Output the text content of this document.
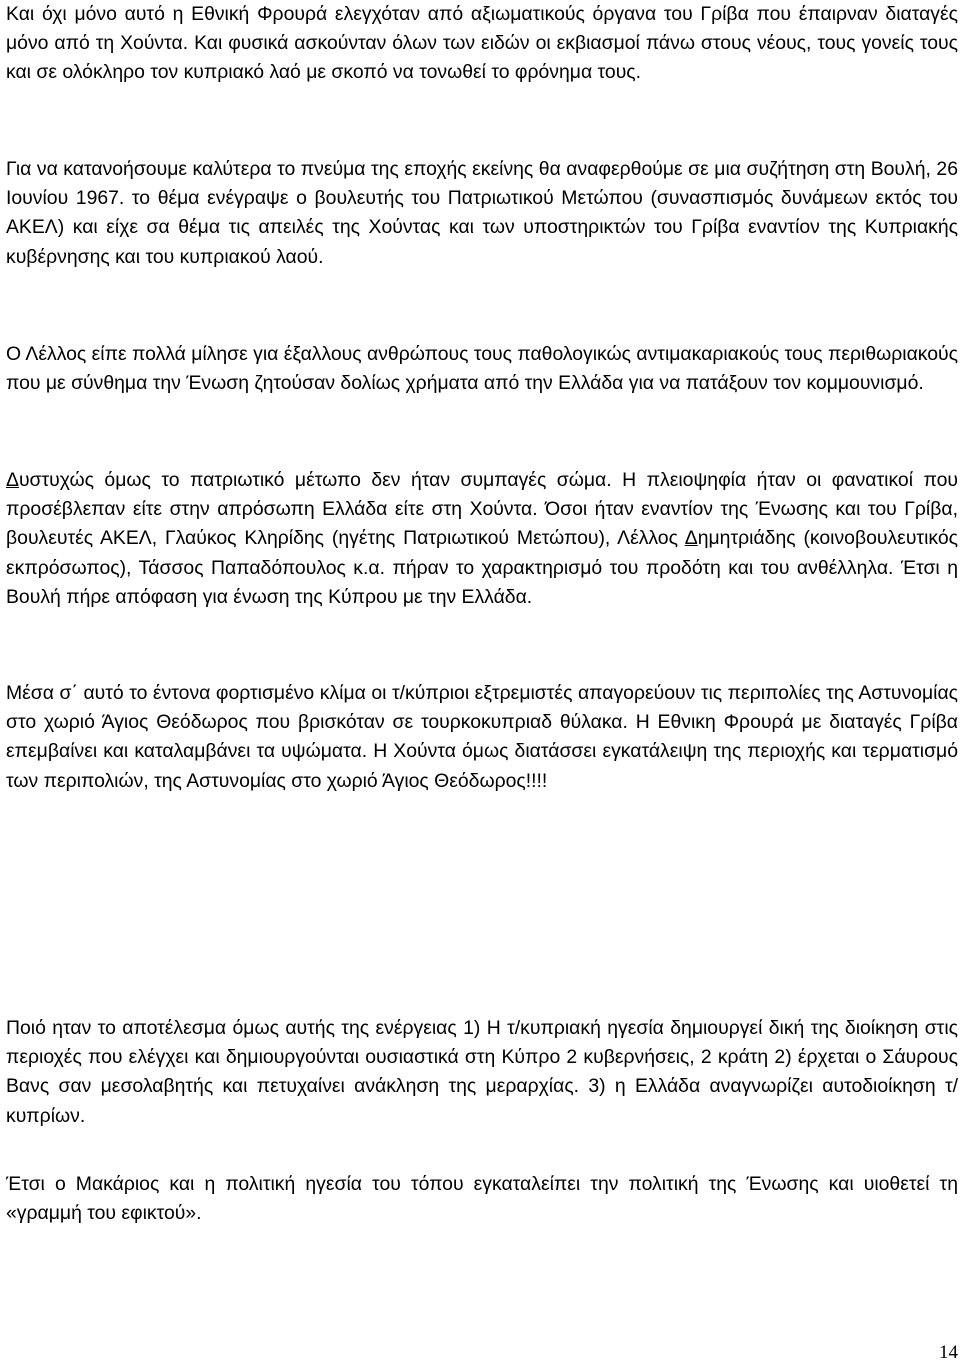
Και όχι μόνο αυτό η Εθνική Φρουρά ελεγχόταν από αξιωματικούς όργανα του Γρίβα που έπαιρναν διαταγές μόνο από τη Χούντα. Και φυσικά ασκούνταν όλων των ειδών οι εκβιασμοί πάνω στους νέους, τους γονείς τους και σε ολόκληρο τον κυπριακό λαό με σκοπό να τονωθεί το φρόνημα τους.

Για να κατανοήσουμε καλύτερα το πνεύμα της εποχής εκείνης θα αναφερθούμε σε μια συζήτηση στη Βουλή, 26 Ιουνίου 1967. το θέμα ενέγραψε ο βουλευτής του Πατριωτικού Μετώπου (συνασπισμός δυνάμεων εκτός του ΑΚΕΛ) και είχε σα θέμα τις απειλές της Χούντας και των υποστηρικτών του Γρίβα εναντίον της Κυπριακής κυβέρνησης και του κυπριακού λαού.

Ο Λέλλος είπε πολλά μίλησε για έξαλλους ανθρώπους τους παθολογικώς αντιμακαριακούς τους περιθωριακούς που με σύνθημα την Ένωση ζητούσαν δολίως χρήματα από την Ελλάδα για να πατάξουν τον κομμουνισμό.

Δυστυχώς όμως το πατριωτικό μέτωπο δεν ήταν συμπαγές σώμα. Η πλειοψηφία ήταν οι φανατικοί που προσέβλεπαν είτε στην απρόσωπη Ελλάδα είτε στη Χούντα. Όσοι ήταν εναντίον της Ένωσης και του Γρίβα, βουλευτές ΑΚΕΛ, Γλαύκος Κληρίδης (ηγέτης Πατριωτικού Μετώπου), Λέλλος Δημητριάδης (κοινοβουλευτικός εκπρόσωπος), Τάσσος Παπαδόπουλος κ.α. πήραν το χαρακτηρισμό του προδότη και του ανθέλληλα. Έτσι η Βουλή πήρε απόφαση για ένωση της Κύπρου με την Ελλάδα.

Μέσα σ΄ αυτό το έντονα φορτισμένο κλίμα οι τ/κύπριοι εξτρεμιστές απαγορεύουν τις περιπολίες της Αστυνομίας στο χωριό Άγιος Θεόδωρος που βρισκόταν σε τουρκοκυπριαδ θύλακα. Η Εθνικη Φρουρά με διαταγές Γρίβα επεμβαίνει και καταλαμβάνει τα υψώματα. Η Χούντα όμως διατάσσει εγκατάλειψη της περιοχής και τερματισμό των περιπολιών, της Αστυνομίας στο χωριό Άγιος Θεόδωρος!!!!

Ποιό ηταν το αποτέλεσμα όμως αυτής της ενέργειας 1) Η τ/κυπριακή ηγεσία δημιουργεί δική της διοίκηση στις περιοχές που ελέγχει και δημιουργούνται ουσιαστικά στη Κύπρο 2 κυβερνήσεις, 2 κράτη 2) έρχεται ο Σάυρους Βανς σαν μεσολαβητής και πετυχαίνει ανάκληση της μεραρχίας. 3) η Ελλάδα αναγνωρίζει αυτοδιοίκηση τ/κυπρίων.

Έτσι ο Μακάριος και η πολιτική ηγεσία του τόπου εγκαταλείπει την πολιτική της Ένωσης και υιοθετεί τη «γραμμή του εφικτού».

14
